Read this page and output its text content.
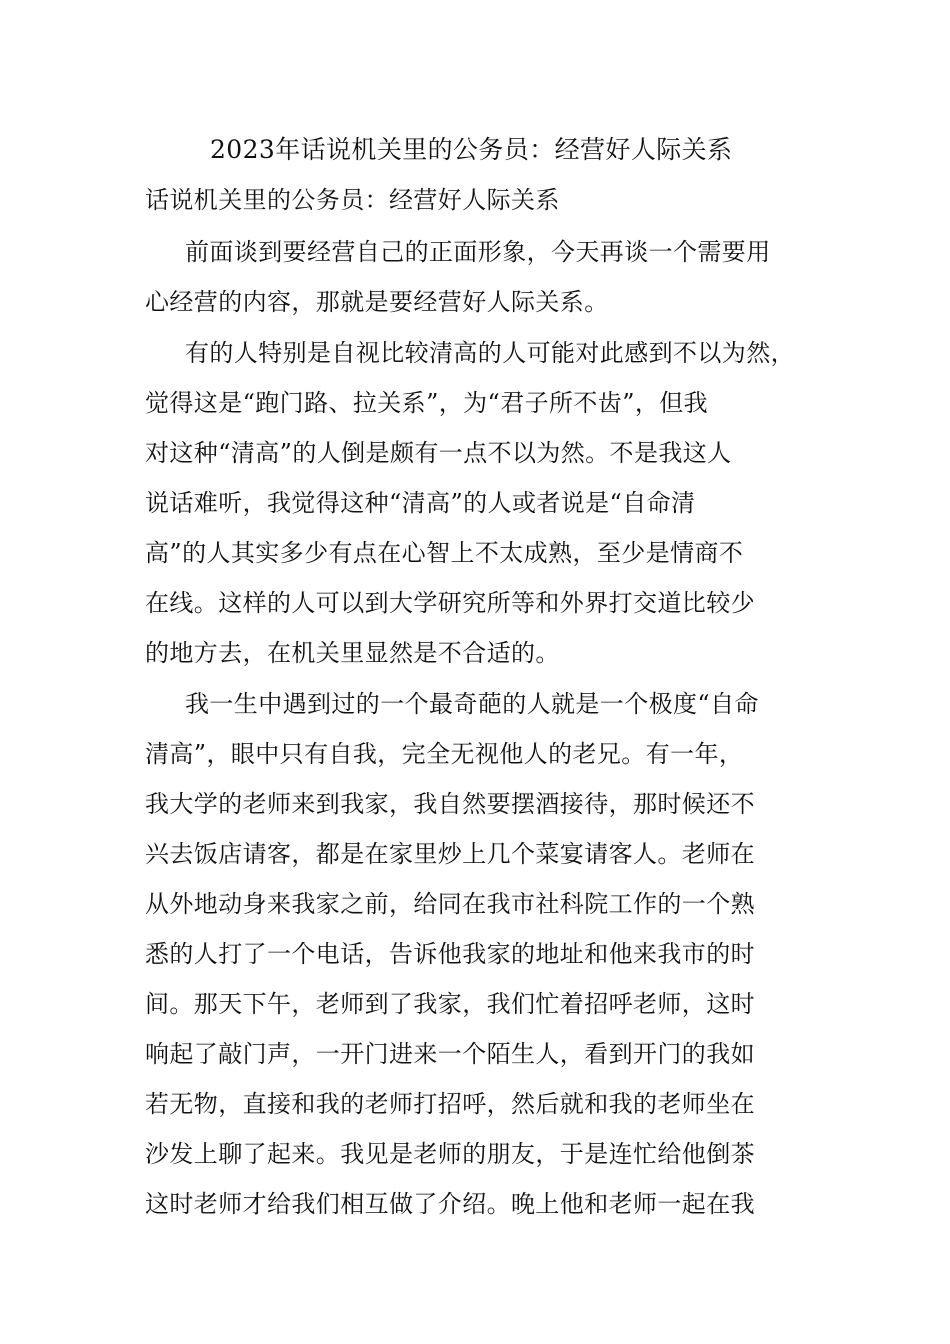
2023年话说机关里的公务员：经营好人际关系
话说机关里的公务员：经营好人际关系
前面谈到要经营自己的正面形象，今天再谈一个需要用
心经营的内容，那就是要经营好人际关系。
有的人特别是自视比较清高的人可能对此感到不以为然，
觉得这是“跑门路、拉关系”，为“君子所不齿”，但我
对这种“清高”的人倒是颇有一点不以为然。不是我这人
说话难听，我觉得这种“清高”的人或者说是“自命清
高”的人其实多少有点在心智上不太成熟，至少是情商不
在线。这样的人可以到大学研究所等和外界打交道比较少
的地方去，在机关里显然是不合适的。
我一生中遇到过的一个最奇葩的人就是一个极度“自命
清高”，眼中只有自我，完全无视他人的老兄。有一年，
我大学的老师来到我家，我自然要摆酒接待，那时候还不
兴去饭店请客，都是在家里炒上几个菜宴请客人。老师在
从外地动身来我家之前，给同在我市社科院工作的一个熟
悉的人打了一个电话，告诉他我家的地址和他来我市的时
间。那天下午，老师到了我家，我们忙着招呼老师，这时
响起了敲门声，一开门进来一个陌生人，看到开门的我如
若无物，直接和我的老师打招呼，然后就和我的老师坐在
沙发上聊了起来。我见是老师的朋友，于是连忙给他倒茶
这时老师才给我们相互做了介绍。晚上他和老师一起在我
